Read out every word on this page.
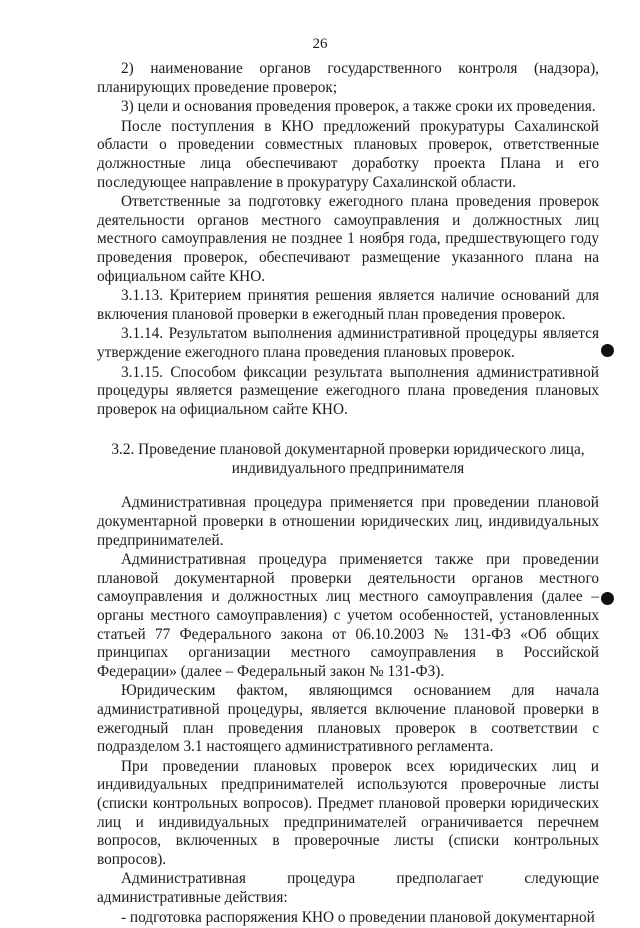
26

2) наименование органов государственного контроля (надзора), планирующих проведение проверок;

3) цели и основания проведения проверок, а также сроки их проведения.

После поступления в КНО предложений прокуратуры Сахалинской области о проведении совместных плановых проверок, ответственные должностные лица обеспечивают доработку проекта Плана и его последующее направление в прокуратуру Сахалинской области.

Ответственные за подготовку ежегодного плана проведения проверок деятельности органов местного самоуправления и должностных лиц местного самоуправления не позднее 1 ноября года, предшествующего году проведения проверок, обеспечивают размещение указанного плана на официальном сайте КНО.

3.1.13. Критерием принятия решения является наличие оснований для включения плановой проверки в ежегодный план проведения проверок.

3.1.14. Результатом выполнения административной процедуры является утверждение ежегодного плана проведения плановых проверок.

3.1.15. Способом фиксации результата выполнения административной процедуры является размещение ежегодного плана проведения плановых проверок на официальном сайте КНО.

3.2. Проведение плановой документарной проверки юридического лица, индивидуального предпринимателя

Административная процедура применяется при проведении плановой документарной проверки в отношении юридических лиц, индивидуальных предпринимателей.

Административная процедура применяется также при проведении плановой документарной проверки деятельности органов местного самоуправления и должностных лиц местного самоуправления (далее – органы местного самоуправления) с учетом особенностей, установленных статьей 77 Федерального закона от 06.10.2003 № 131-ФЗ «Об общих принципах организации местного самоуправления в Российской Федерации» (далее – Федеральный закон № 131-ФЗ).

Юридическим фактом, являющимся основанием для начала административной процедуры, является включение плановой проверки в ежегодный план проведения плановых проверок в соответствии с подразделом 3.1 настоящего административного регламента.

При проведении плановых проверок всех юридических лиц и индивидуальных предпринимателей используются проверочные листы (списки контрольных вопросов). Предмет плановой проверки юридических лиц и индивидуальных предпринимателей ограничивается перечнем вопросов, включенных в проверочные листы (списки контрольных вопросов).

Административная процедура предполагает следующие административные действия:

- подготовка распоряжения КНО о проведении плановой документарной
